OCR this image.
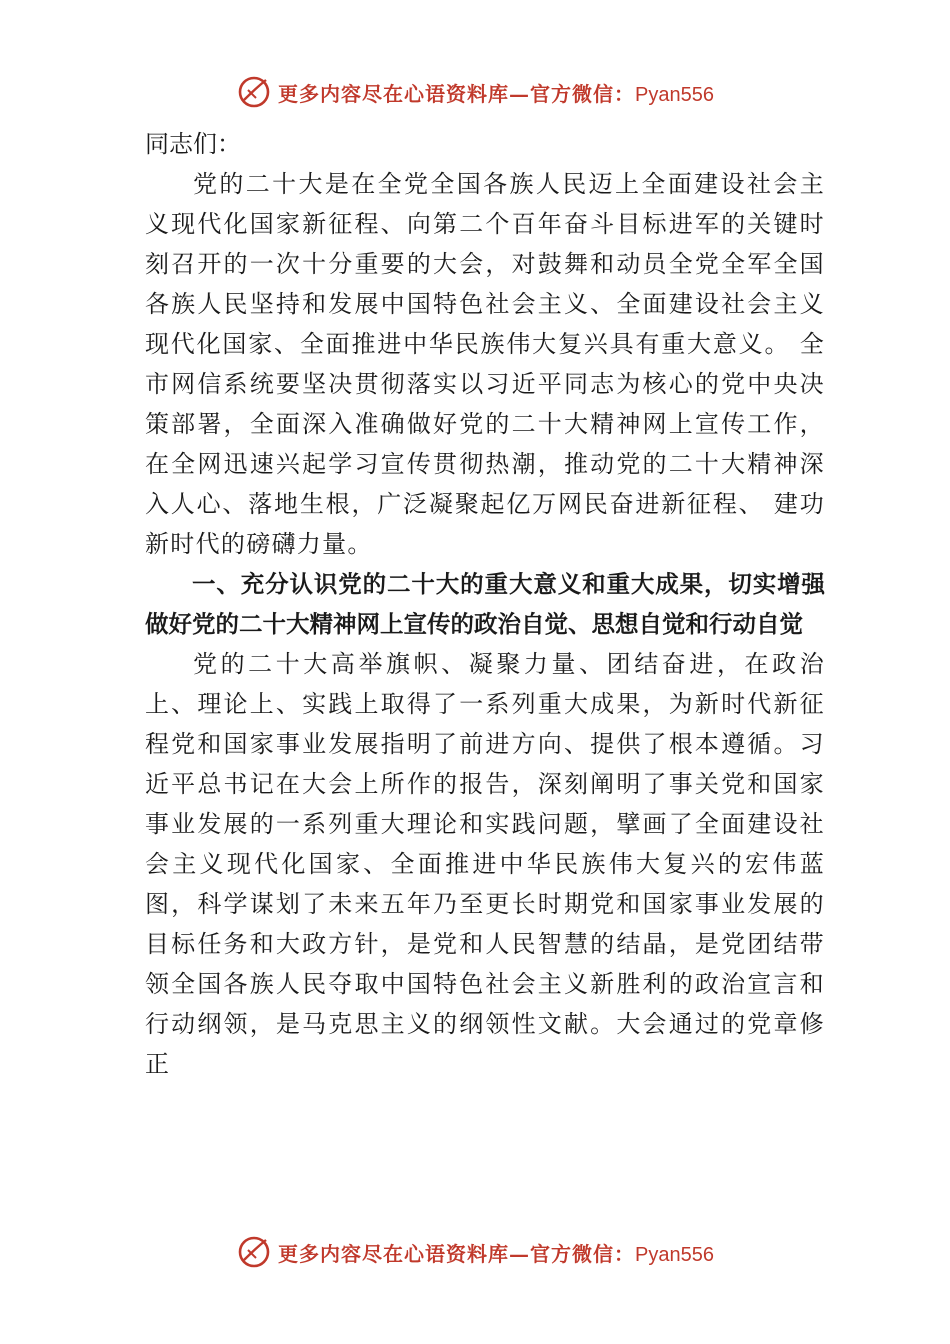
更多内容尽在心语资料库—官方微信：Pyan556

同志们：

党的二十大是在全党全国各族人民迈上全面建设社会主义现代化国家新征程、向第二个百年奋斗目标进军的关键时刻召开的一次十分重要的大会，对鼓舞和动员全党全军全国各族人民坚持和发展中国特色社会主义、全面建设社会主义现代化国家、全面推进中华民族伟大复兴具有重大意义。 全市网信系统要坚决贯彻落实以习近平同志为核心的党中央决策部署，全面深入准确做好党的二十大精神网上宣传工作，在全网迅速兴起学习宣传贯彻热潮，推动党的二十大精神深入人心、落地生根，广泛凝聚起亿万网民奋进新征程、 建功新时代的磅礴力量。

一、充分认识党的二十大的重大意义和重大成果，切实增强做好党的二十大精神网上宣传的政治自觉、思想自觉和行动自觉

党的二十大高举旗帜、凝聚力量、团结奋进，在政治上、理论上、实践上取得了一系列重大成果，为新时代新征程党和国家事业发展指明了前进方向、提供了根本遵循。习近平总书记在大会上所作的报告，深刻阐明了事关党和国家事业发展的一系列重大理论和实践问题，擘画了全面建设社会主义现代化国家、全面推进中华民族伟大复兴的宏伟蓝图，科学谋划了未来五年乃至更长时期党和国家事业发展的目标任务和大政方针，是党和人民智慧的结晶，是党团结带领全国各族人民夺取中国特色社会主义新胜利的政治宣言和行动纲领，是马克思主义的纲领性文献。大会通过的党章修正

更多内容尽在心语资料库—官方微信：Pyan556
